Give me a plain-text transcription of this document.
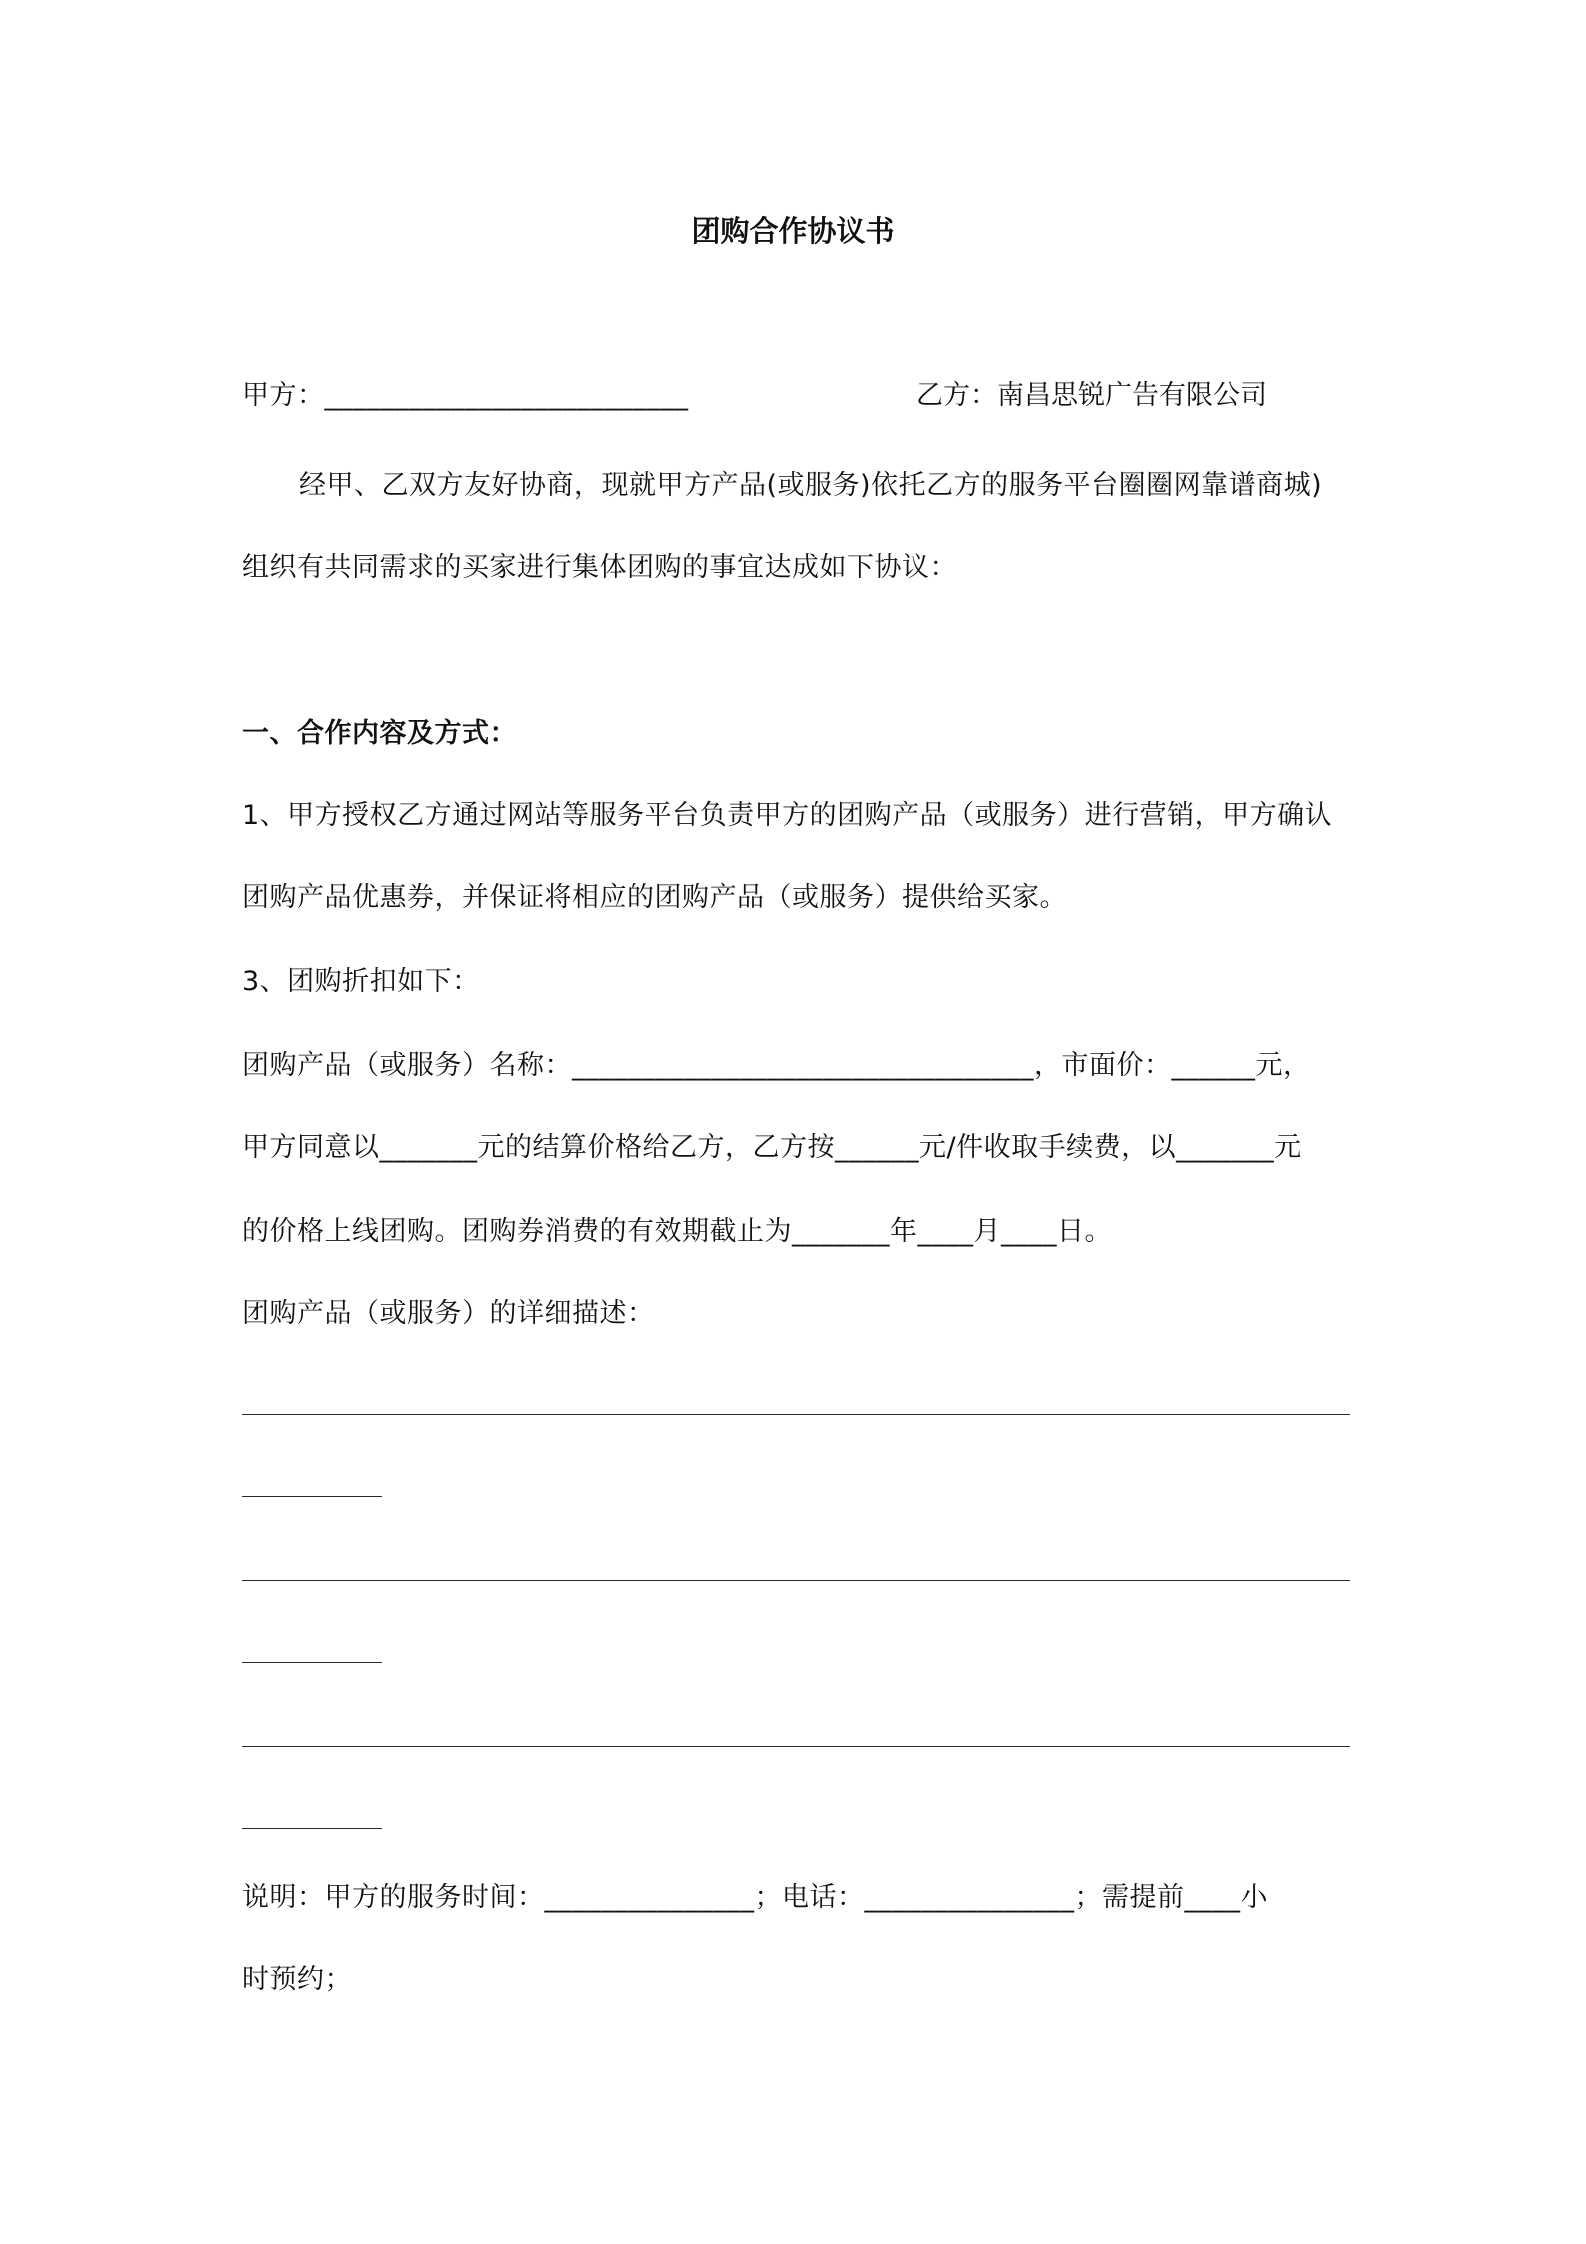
团购合作协议书
甲方：__________________________	乙方：南昌思锐广告有限公司
经甲、乙双方友好协商，现就甲方产品(或服务)依托乙方的服务平台圈圈网靠谱商城)
组织有共同需求的买家进行集体团购的事宜达成如下协议：
一、合作内容及方式：
1、甲方授权乙方通过网站等服务平台负责甲方的团购产品（或服务）进行营销，甲方确认
团购产品优惠券，并保证将相应的团购产品（或服务）提供给买家。
3、团购折扣如下：
团购产品（或服务）名称：_________________________________，市面价：______元，
甲方同意以_______元的结算价格给乙方，乙方按______元/件收取手续费，以_______元
的价格上线团购。团购券消费的有效期截止为_______年____月____日。
团购产品（或服务）的详细描述：
说明：甲方的服务时间：_______________；电话：_______________；需提前____小
时预约；
